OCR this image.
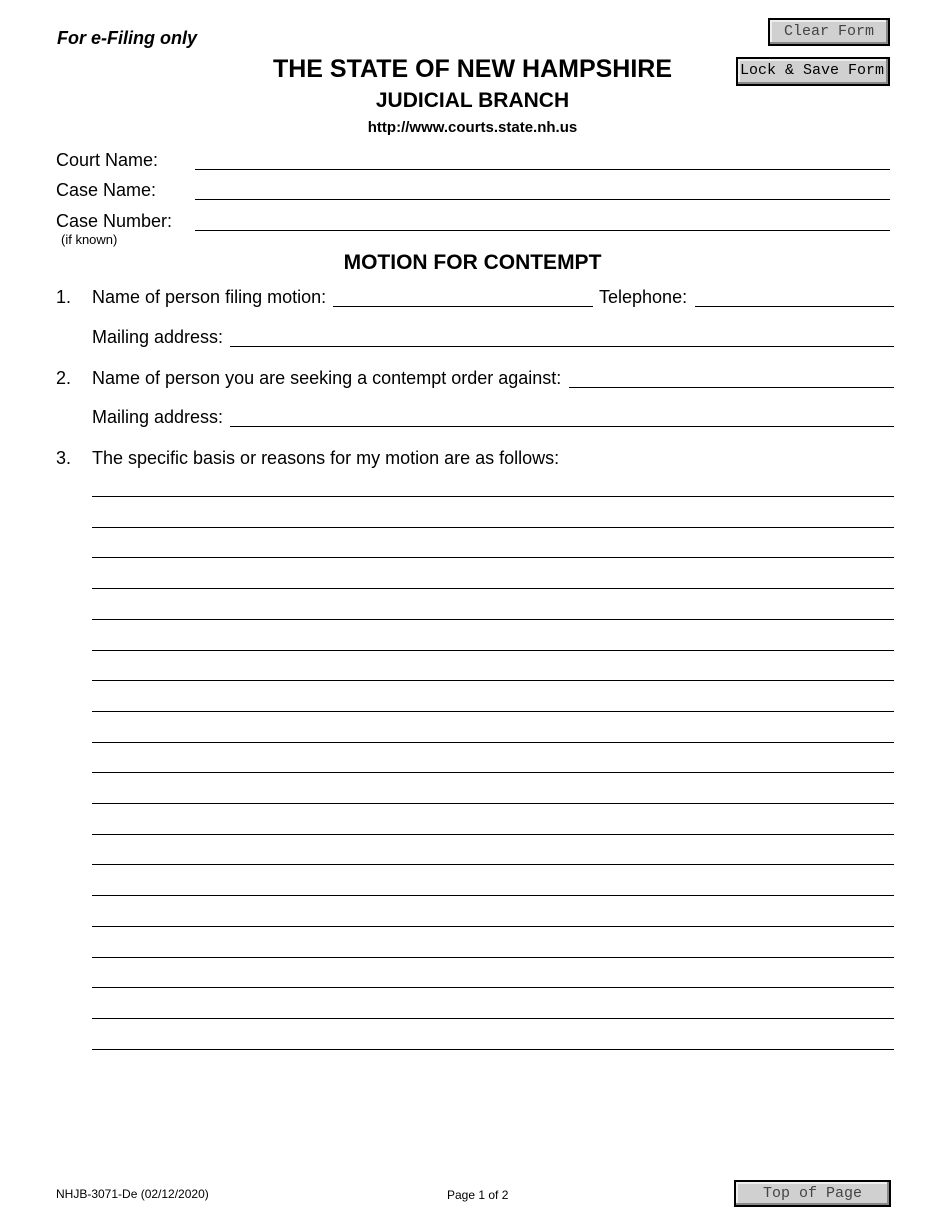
For e-Filing only	Clear Form
Lock & Save Form
THE STATE OF NEW HAMPSHIRE
JUDICIAL BRANCH
http://www.courts.state.nh.us
Court Name:
Case Name:
Case Number:
(if known)
MOTION FOR CONTEMPT
1. Name of person filing motion:	Telephone:
Mailing address:
2. Name of person you are seeking a contempt order against:
Mailing address:
3. The specific basis or reasons for my motion are as follows:
NHJB-3071-De (02/12/2020)	Page 1 of 2	Top of Page
